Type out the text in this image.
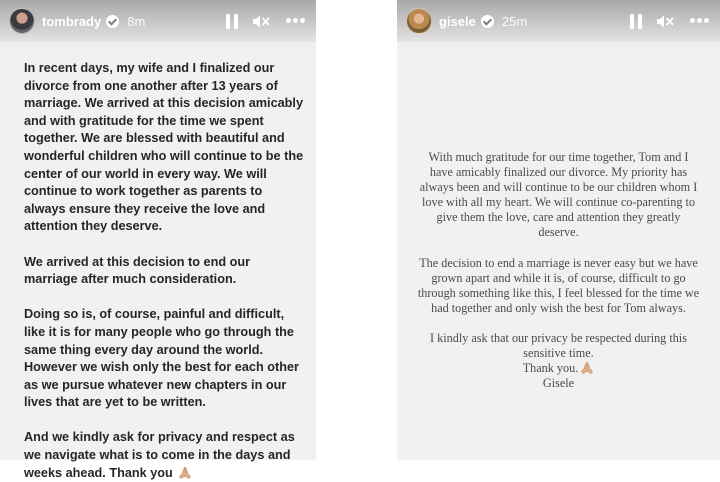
tombrady 8m

In recent days, my wife and I finalized our divorce from one another after 13 years of marriage. We arrived at this decision amicably and with gratitude for the time we spent together. We are blessed with beautiful and wonderful children who will continue to be the center of our world in every way. We will continue to work together as parents to always ensure they receive the love and attention they deserve.

We arrived at this decision to end our marriage after much consideration.

Doing so is, of course, painful and difficult, like it is for many people who go through the same thing every day around the world. However we wish only the best for each other as we pursue whatever new chapters in our lives that are yet to be written.

And we kindly ask for privacy and respect as we navigate what is to come in the days and weeks ahead. Thank you

gisele 25m

With much gratitude for our time together, Tom and I have amicably finalized our divorce. My priority has always been and will continue to be our children whom I love with all my heart. We will continue co-parenting to give them the love, care and attention they greatly deserve.

The decision to end a marriage is never easy but we have grown apart and while it is, of course, difficult to go through something like this, I feel blessed for the time we had together and only wish the best for Tom always.

I kindly ask that our privacy be respected during this sensitive time.

Thank you.

Gisele
